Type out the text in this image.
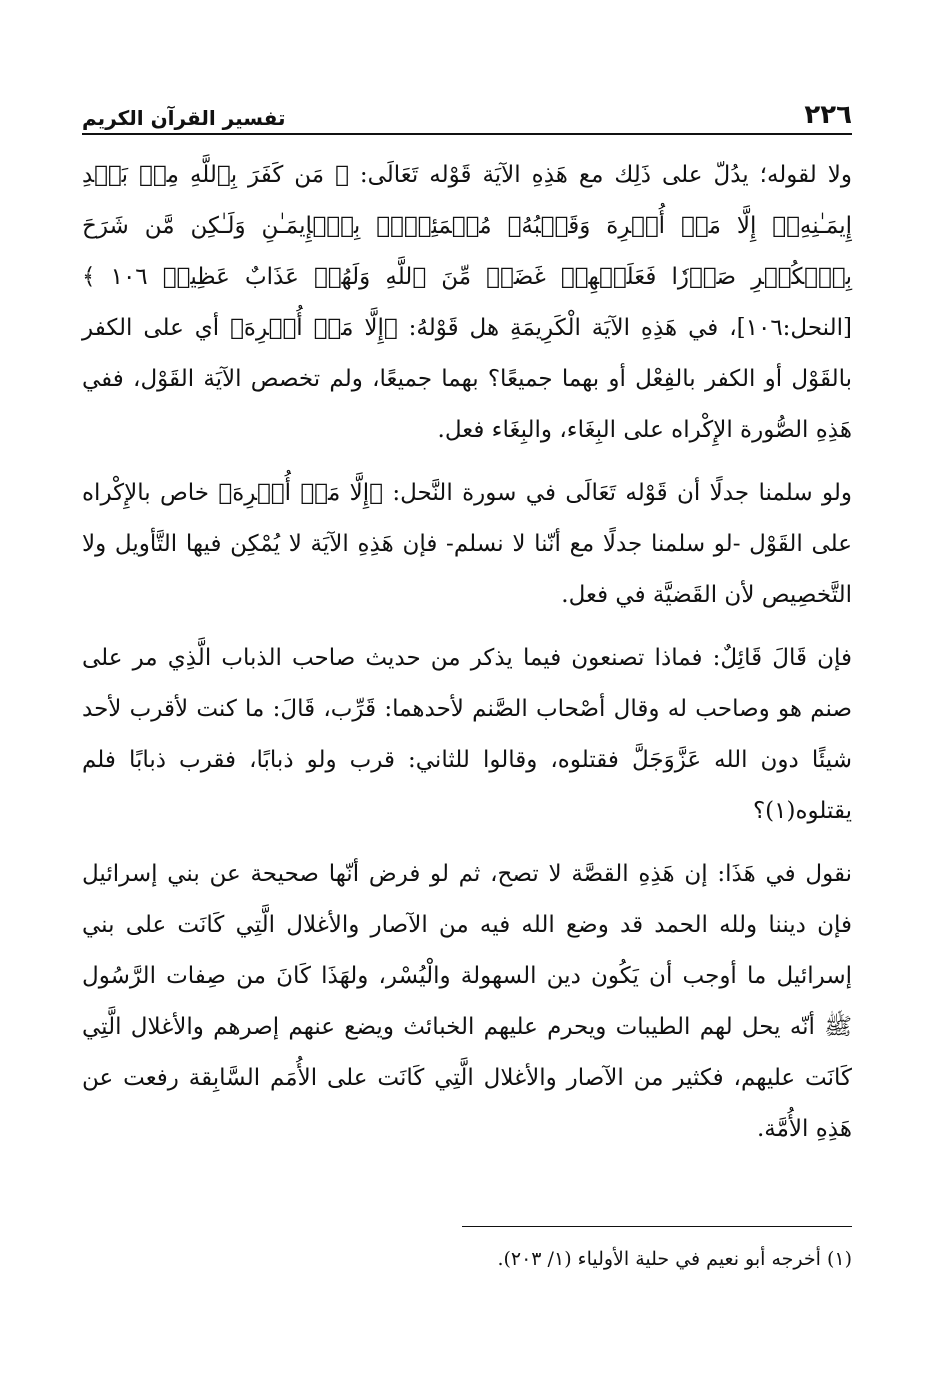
٢٢٦
تفسير القرآن الكريم

ولا لقوله؛ يدُلّ على ذَلِك مع هَذِهِ الآيَة قَوْله تَعَالَى: ﴿ مَن كَفَرَ بِٱللَّهِ مِنۢ بَعۡدِ إِيمَـٰنِهِۦٓ إِلَّا مَنۡ أُكۡرِهَ وَقَلۡبُهُۥ مُطۡمَئِنُّۢ بِٱلۡإِيمَـٰنِ وَلَـٰكِن مَّن شَرَحَ بِٱلۡكُفۡرِ صَدۡرٗا فَعَلَيۡهِمۡ غَضَبٞ مِّنَ ٱللَّهِ وَلَهُمۡ عَذَابٌ عَظِيمٞ ١٠٦ ﴾ [النحل:١٠٦]، في هَذِهِ الآيَة الْكَرِيمَةِ هل قَوْلهُ: ﴿إِلَّا مَنۡ أُكۡرِهَ﴾ أي على الكفر بالقَوْل أو الكفر بالفِعْل أو بهما جميعًا؟ بهما جميعًا، ولم تخصص الآيَة القَوْل، ففي هَذِهِ الصُّورة الإِكْراه على البِغَاء، والبِغَاء فعل.

ولو سلمنا جدلًا أن قَوْله تَعَالَى في سورة النَّحل: ﴿إِلَّا مَنۡ أُكۡرِهَ﴾ خاص بالإِكْراه على القَوْل -لو سلمنا جدلًا مع أنّنا لا نسلم- فإن هَذِهِ الآيَة لا يُمْكِن فيها التَّأويل ولا التَّخصِيص لأن القَضيَّة في فعل.

فإن قَالَ قَائِلٌ: فماذا تصنعون فيما يذكر من حديث صاحب الذباب الَّذِي مر على صنم هو وصاحب له وقال أصْحاب الصَّنم لأحدهما: قَرِّب، قَالَ: ما كنت لأقرب لأحد شيئًا دون الله عَزَّوَجَلَّ فقتلوه، وقالوا للثاني: قرب ولو ذبابًا، فقرب ذبابًا فلم يقتلوه(١)؟

نقول في هَذَا: إن هَذِهِ القصَّة لا تصح، ثم لو فرض أنّها صحيحة عن بني إسرائيل فإن ديننا ولله الحمد قد وضع الله فيه من الآصار والأغلال الَّتِي كَانَت على بني إسرائيل ما أوجب أن يَكُون دين السهولة والْيُسْر، ولهَذَا كَانَ من صِفات الرَّسُول ﷺ أنّه يحل لهم الطيبات ويحرم عليهم الخبائث ويضع عنهم إصرهم والأغلال الَّتِي كَانَت عليهم، فكثير من الآصار والأغلال الَّتِي كَانَت على الأُمَم السَّابِقة رفعت عن هَذِهِ الأُمَّة.

(١) أخرجه أبو نعيم في حلية الأولياء (١/ ٢٠٣).
